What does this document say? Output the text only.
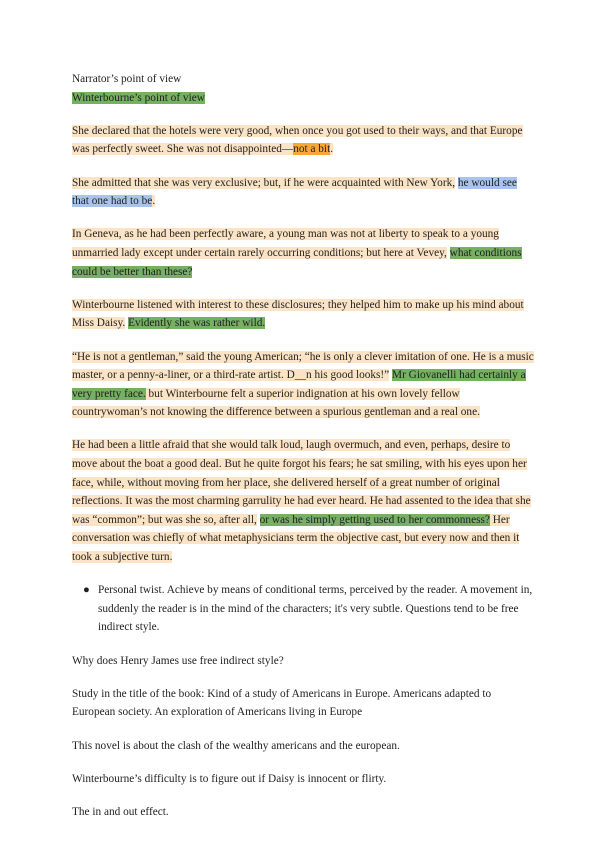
Narrator’s point of view

Winterbourne’s point of view

She declared that the hotels were very good, when once you got used to their ways, and that Europe was perfectly sweet. She was not disappointed—not a bit.

She admitted that she was very exclusive; but, if he were acquainted with New York, he would see that one had to be.

In Geneva, as he had been perfectly aware, a young man was not at liberty to speak to a young unmarried lady except under certain rarely occurring conditions; but here at Vevey, what conditions could be better than these?

Winterbourne listened with interest to these disclosures; they helped him to make up his mind about Miss Daisy. Evidently she was rather wild.

“He is not a gentleman,” said the young American; “he is only a clever imitation of one. He is a music master, or a penny-a-liner, or a third-rate artist. D__n his good looks!” Mr Giovanelli had certainly a very pretty face. but Winterbourne felt a superior indignation at his own lovely fellow countrywoman’s not knowing the difference between a spurious gentleman and a real one.

He had been a little afraid that she would talk loud, laugh overmuch, and even, perhaps, desire to move about the boat a good deal. But he quite forgot his fears; he sat smiling, with his eyes upon her face, while, without moving from her place, she delivered herself of a great number of original reflections. It was the most charming garrulity he had ever heard. He had assented to the idea that she was “common”; but was she so, after all, or was he simply getting used to her commonness? Her conversation was chiefly of what metaphysicians term the objective cast, but every now and then it took a subjective turn.

● Personal twist. Achieve by means of conditional terms, perceived by the reader. A movement in, suddenly the reader is in the mind of the characters; it's very subtle. Questions tend to be free indirect style.

Why does Henry James use free indirect style?

Study in the title of the book: Kind of a study of Americans in Europe. Americans adapted to European society. An exploration of Americans living in Europe

This novel is about the clash of the wealthy americans and the european.

Winterbourne’s difficulty is to figure out if Daisy is innocent or flirty.

The in and out effect.
